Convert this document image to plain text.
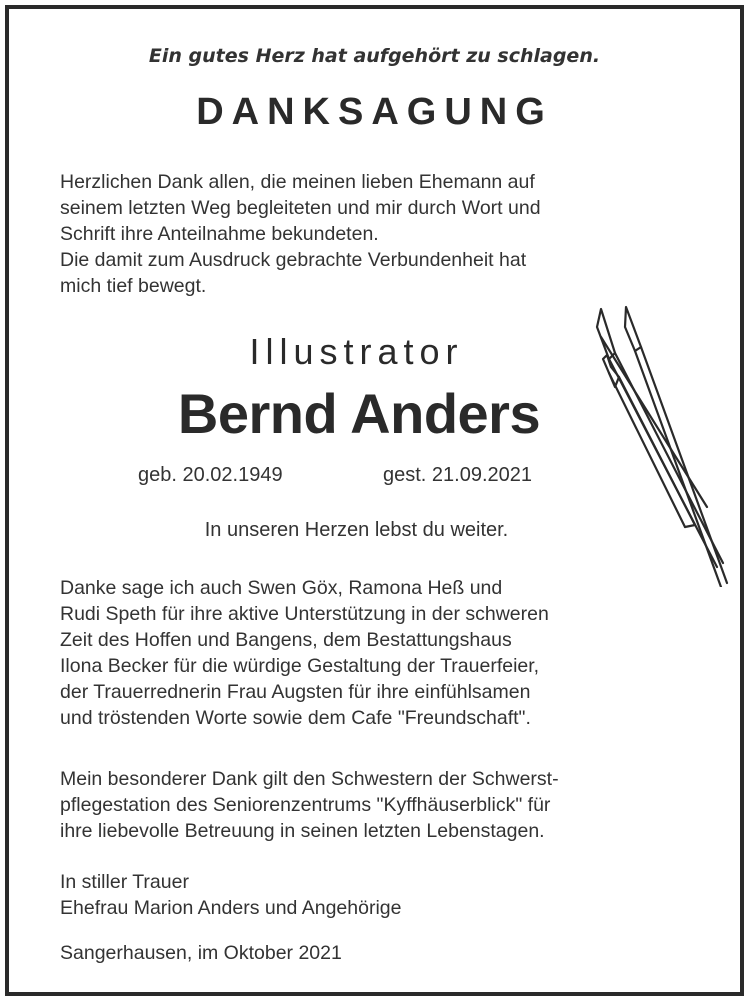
Ein gutes Herz hat aufgehört zu schlagen.
DANKSAGUNG
Herzlichen Dank allen, die meinen lieben Ehemann auf
seinem letzten Weg begleiteten und mir durch Wort und
Schrift ihre Anteilnahme bekundeten.
Die damit zum Ausdruck gebrachte Verbundenheit hat
mich tief bewegt.
Illustrator
Bernd Anders
geb. 20.02.1949	gest. 21.09.2021
In unseren Herzen lebst du weiter.
Danke sage ich auch Swen Göx, Ramona Heß und
Rudi Speth für ihre aktive Unterstützung in der schweren
Zeit des Hoffen und Bangens, dem Bestattungshaus
Ilona Becker für die würdige Gestaltung der Trauerfeier,
der Trauerrednerin Frau Augsten für ihre einfühlsamen
und tröstenden Worte sowie dem Cafe "Freundschaft".
Mein besonderer Dank gilt den Schwestern der Schwerst-
pflegestation des Seniorenzentrums "Kyffhäuserblick" für
ihre liebevolle Betreuung in seinen letzten Lebenstagen.
In stiller Trauer
Ehefrau Marion Anders und Angehörige
Sangerhausen, im Oktober 2021
